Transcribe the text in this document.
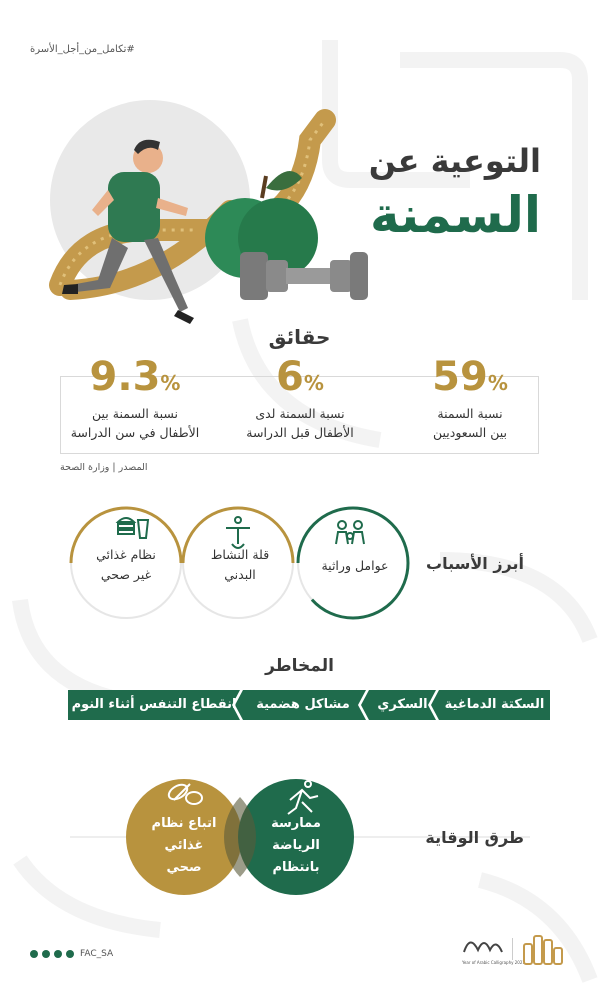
#تكامل_من_أجل_الأسرة
التوعية عن
السمنة
حقائق
59%
نسبة السمنة
بين السعوديين
6%
نسبة السمنة لدى
الأطفال قبل الدراسة
9.3%
نسبة السمنة بين
الأطفال في سن الدراسة
المصدر | وزارة الصحة
عوامل وراثية
قلة النشاط
البدني
نظام غذائي
غير صحي
أبرز الأسباب
المخاطر
السكتة الدماغية
السكري
مشاكل هضمية
انقطاع التنفس أثناء النوم
ممارسة
الرياضة
بانتظام
اتباع نظام
غذائي
صحي
طرق الوقاية
FAC_SA
Year of Arabic Calligraphy 2021
